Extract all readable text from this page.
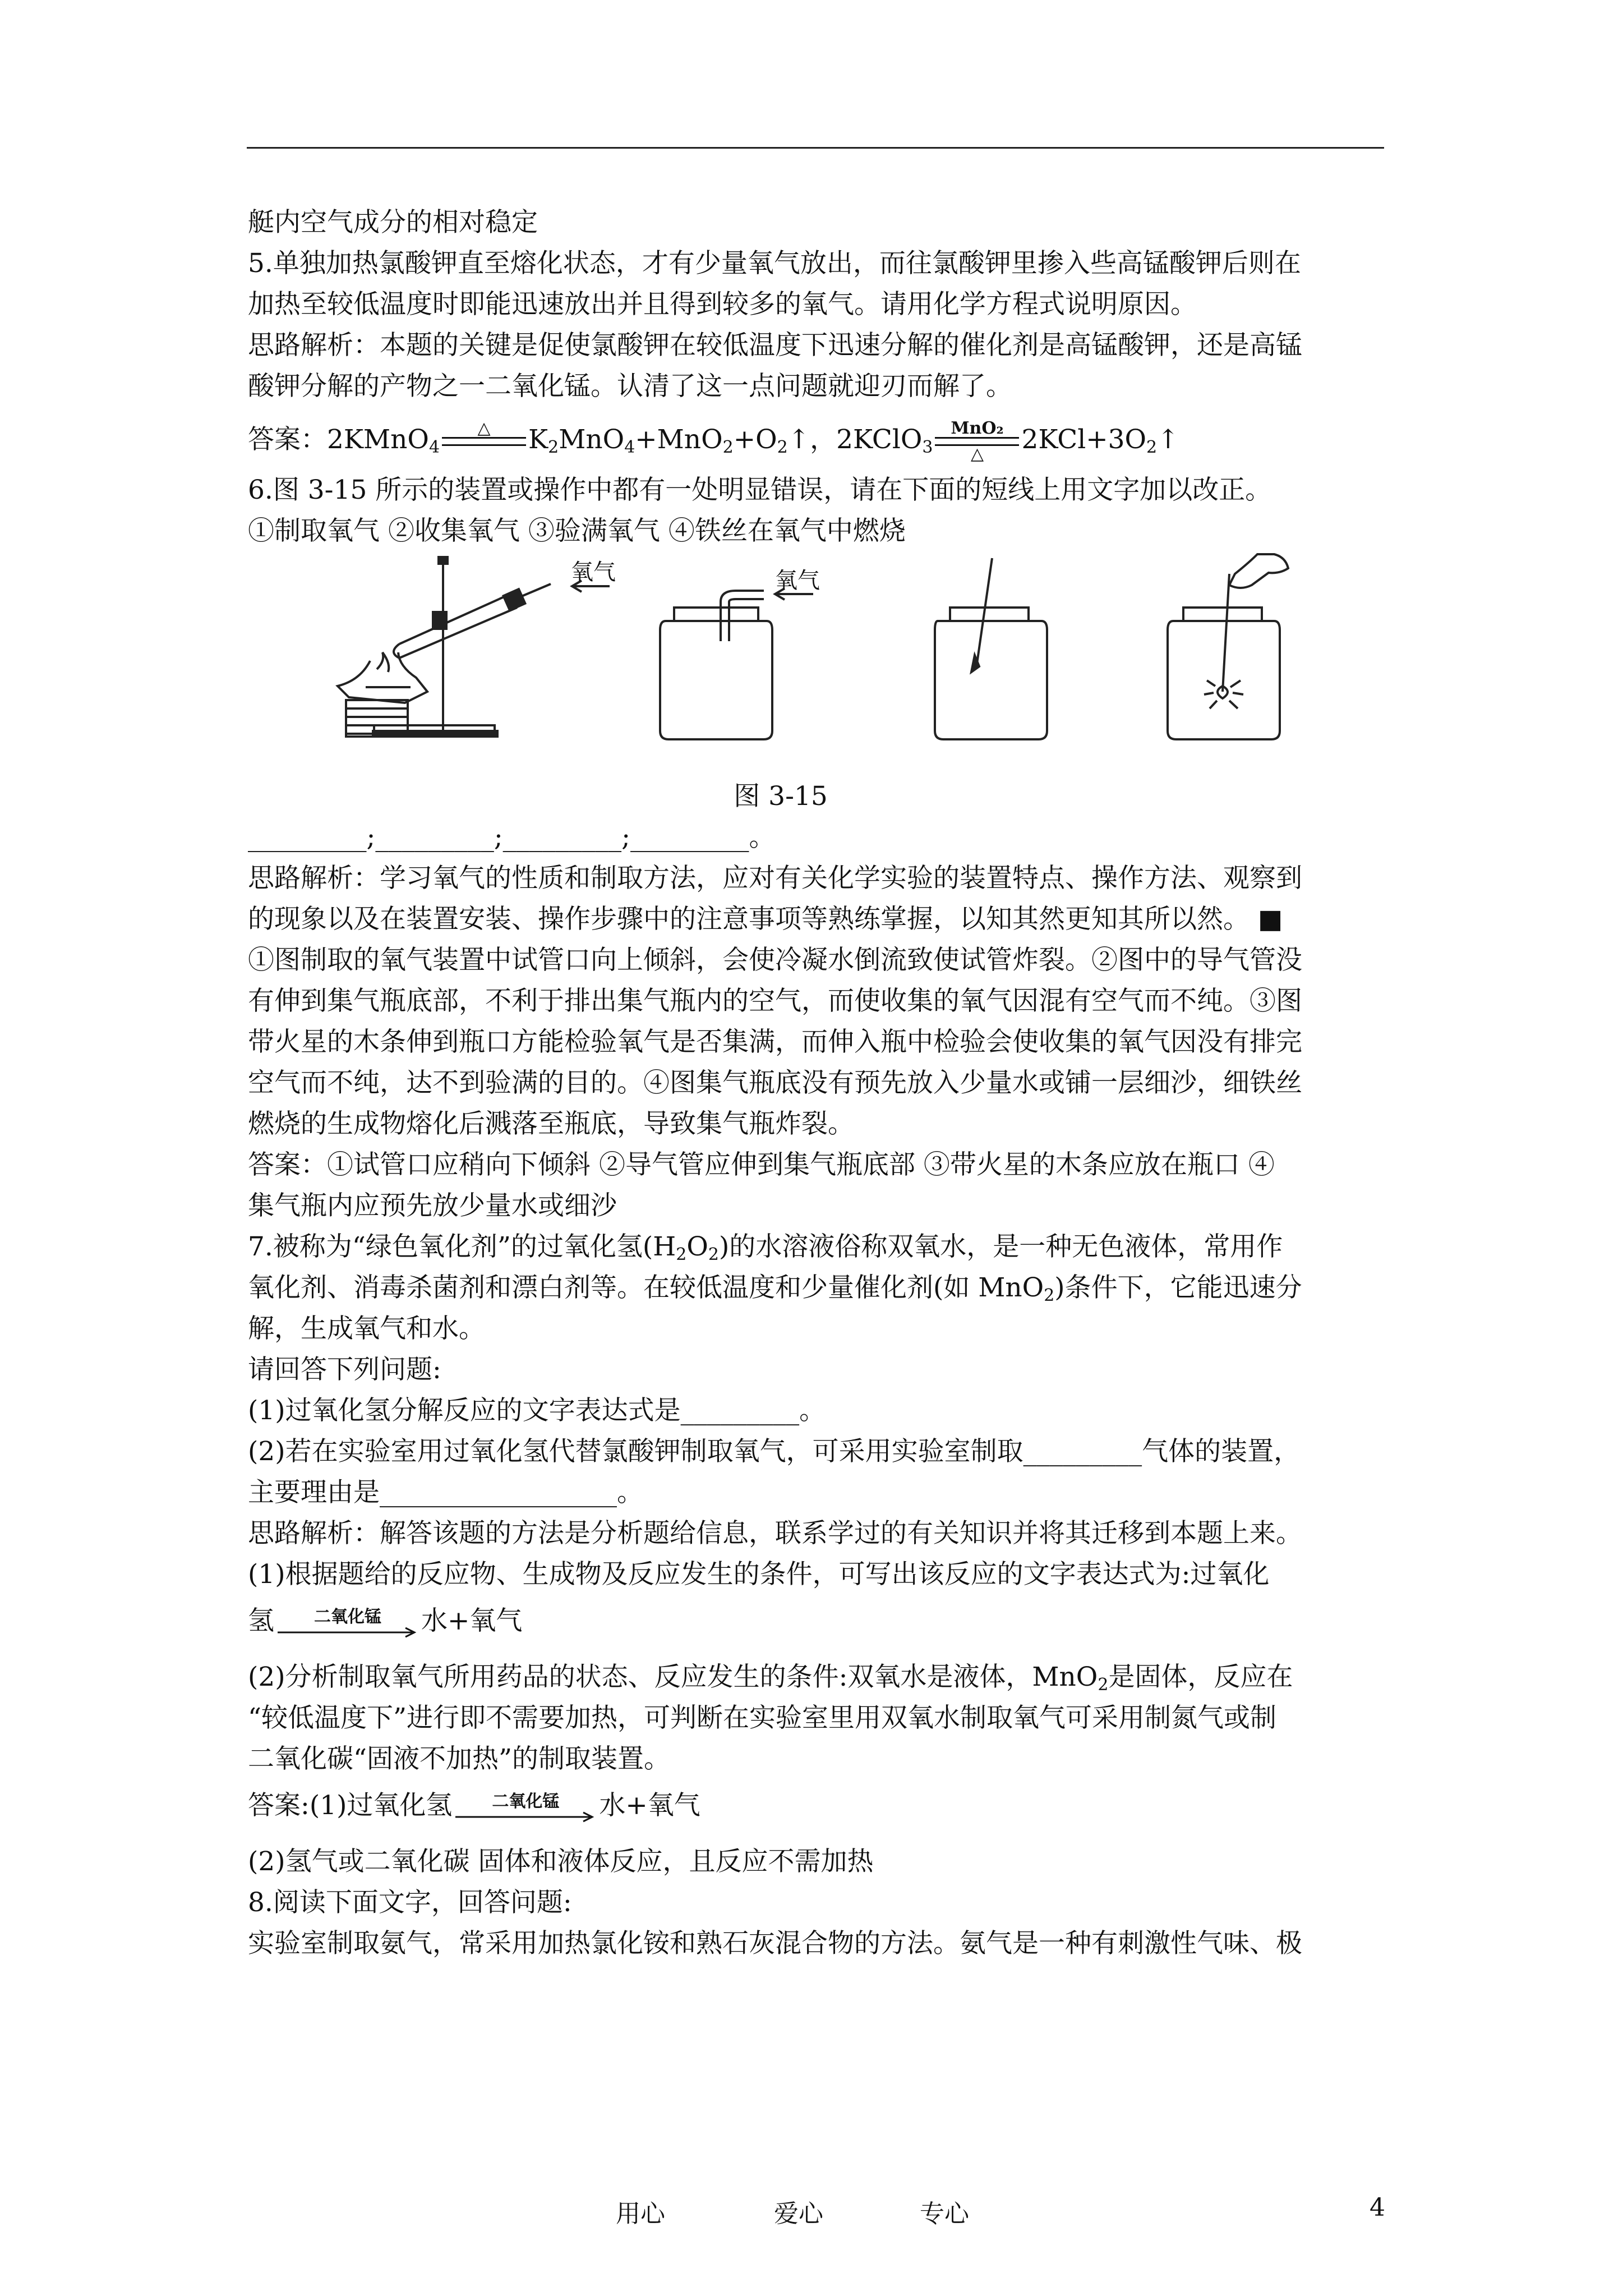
艇内空气成分的相对稳定
5.单独加热氯酸钾直至熔化状态，才有少量氧气放出，而往氯酸钾里掺入些高锰酸钾后则在
加热至较低温度时即能迅速放出并且得到较多的氧气。请用化学方程式说明原因。
思路解析：本题的关键是促使氯酸钾在较低温度下迅速分解的催化剂是高锰酸钾，还是高锰
酸钾分解的产物之一二氧化锰。认清了这一点问题就迎刃而解了。
答案：2KMnO$_4$
△
	$K_2MnO_4+MnO_2+O_2↑$，2KClO$_3$
MnO₂
△	$2KCl+3O_2↑$
6.图 3-15 所示的装置或操作中都有一处明显错误，请在下面的短线上用文字加以改正。
①制取氧气 ②收集氧气 ③验满氧气 ④铁丝在氧气中燃烧
氧气	氧气
图 3-15
_________;_________;_________;_________。
思路解析：学习氧气的性质和制取方法，应对有关化学实验的装置特点、操作方法、观察到
的现象以及在装置安装、操作步骤中的注意事项等熟练掌握，以知其然更知其所以然。 ■
①图制取的氧气装置中试管口向上倾斜，会使冷凝水倒流致使试管炸裂。②图中的导气管没
有伸到集气瓶底部，不利于排出集气瓶内的空气，而使收集的氧气因混有空气而不纯。③图
带火星的木条伸到瓶口方能检验氧气是否集满，而伸入瓶中检验会使收集的氧气因没有排完
空气而不纯，达不到验满的目的。④图集气瓶底没有预先放入少量水或铺一层细沙，细铁丝
燃烧的生成物熔化后溅落至瓶底，导致集气瓶炸裂。
答案：①试管口应稍向下倾斜 ②导气管应伸到集气瓶底部 ③带火星的木条应放在瓶口 ④
集气瓶内应预先放少量水或细沙
7.被称为“绿色氧化剂”的过氧化氢$(H_2O_2)$的水溶液俗称双氧水，是一种无色液体，常用作
氧化剂、消毒杀菌剂和漂白剂等。在较低温度和少量催化剂(如 MnO$_2$)条件下，它能迅速分
解，生成氧气和水。
请回答下列问题:
(1)过氧化氢分解反应的文字表达式是_________。
(2)若在实验室用过氧化氢代替氯酸钾制取氧气，可采用实验室制取_________气体的装置，
主要理由是__________________。
思路解析：解答该题的方法是分析题给信息，联系学过的有关知识并将其迁移到本题上来。
(1)根据题给的反应物、生成物及反应发生的条件，可写出该反应的文字表达式为:过氧化
氢	二氧化锰	水+氧气
(2)分析制取氧气所用药品的状态、反应发生的条件:双氧水是液体，MnO$_2$是固体，反应在
“较低温度下”进行即不需要加热，可判断在实验室里用双氧水制取氧气可采用制氮气或制
二氧化碳“固液不加热”的制取装置。
答案:(1)过氧化氢	二氧化锰	水+氧气
(2)氢气或二氧化碳 固体和液体反应，且反应不需加热
8.阅读下面文字，回答问题:
实验室制取氨气，常采用加热氯化铵和熟石灰混合物的方法。氨气是一种有刺激性气味、极
用心	爱心	专心	4
